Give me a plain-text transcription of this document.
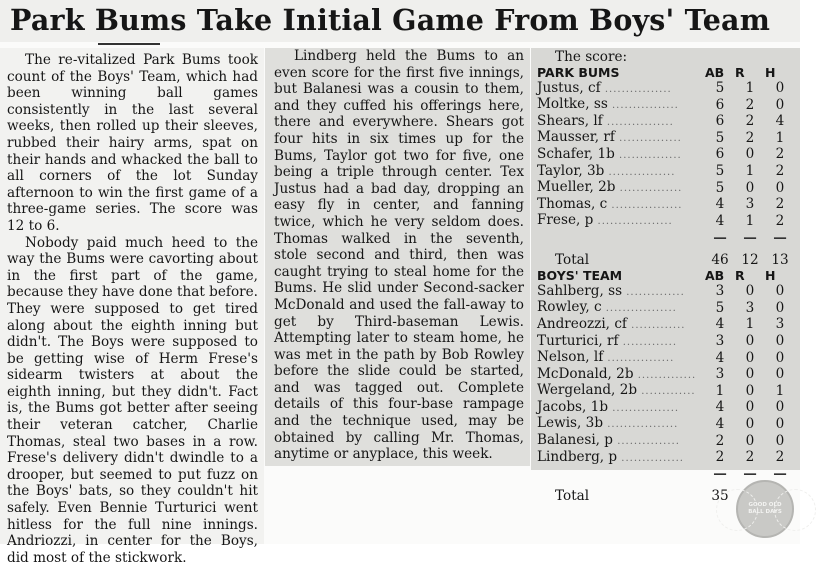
Park Bums Take Initial Game From Boys' Team

The re-vitalized Park Bums took count of the Boys' Team, which had been winning ball games consistently in the last several weeks, then rolled up their sleeves, rubbed their hairy arms, spat on their hands and whacked the ball to all corners of the lot Sunday afternoon to win the first game of a three-game series. The score was 12 to 6.

Nobody paid much heed to the way the Bums were cavorting about in the first part of the game, because they have done that before. They were supposed to get tired along about the eighth inning but didn't. The Boys were supposed to be getting wise of Herm Frese's sidearm twisters at about the eighth inning, but they didn't. Fact is, the Bums got better after seeing their veteran catcher, Charlie Thomas, steal two bases in a row. Frese's delivery didn't dwindle to a drooper, but seemed to put fuzz on the Boys' bats, so they couldn't hit safely. Even Bennie Turturici went hitless for the full nine innings. Andriozzi, in center for the Boys, did most of the stickwork.

Lindberg held the Bums to an even score for the first five innings, but Balanesi was a cousin to them, and they cuffed his offerings here, there and everywhere. Shears got four hits in six times up for the Bums, Taylor got two for five, one being a triple through center. Tex Justus had a bad day, dropping an easy fly in center, and fanning twice, which he very seldom does. Thomas walked in the seventh, stole second and third, then was caught trying to steal home for the Bums. He slid under Second-sacker McDonald and used the fall-away to get by Third-baseman Lewis. Attempting later to steam home, he was met in the path by Bob Rowley before the slide could be started, and was tagged out. Complete details of this four-base rampage and the technique used, may be obtained by calling Mr. Thomas, anytime or anyplace, this week.

The score:
PARK BUMS	AB	R	H
Justus, cf ................	5	1	0
Moltke, ss ................	6	2	0
Shears, lf ................	6	2	4
Mausser, rf ...............	5	2	1
Schafer, 1b ...............	6	0	2
Taylor, 3b ................	5	1	2
Mueller, 2b ...............	5	0	0
Thomas, c .................	4	3	2
Frese, p ..................	4	1	2
	—	—	—
Total	46	12	13
BOYS' TEAM	AB	R	H
Sahlberg, ss ..............	3	0	0
Rowley, c .................	5	3	0
Andreozzi, cf .............	4	1	3
Turturici, rf .............	3	0	0
Nelson, lf ................	4	0	0
McDonald, 2b ..............	3	0	0
Wergeland, 2b .............	1	0	1
Jacobs, 1b ................	4	0	0
Lewis, 3b .................	4	0	0
Balanesi, p ...............	2	0	0
Lindberg, p ...............	2	2	2
	—	—	—
Total	35		
GOOD OLD
BALL DAYS
